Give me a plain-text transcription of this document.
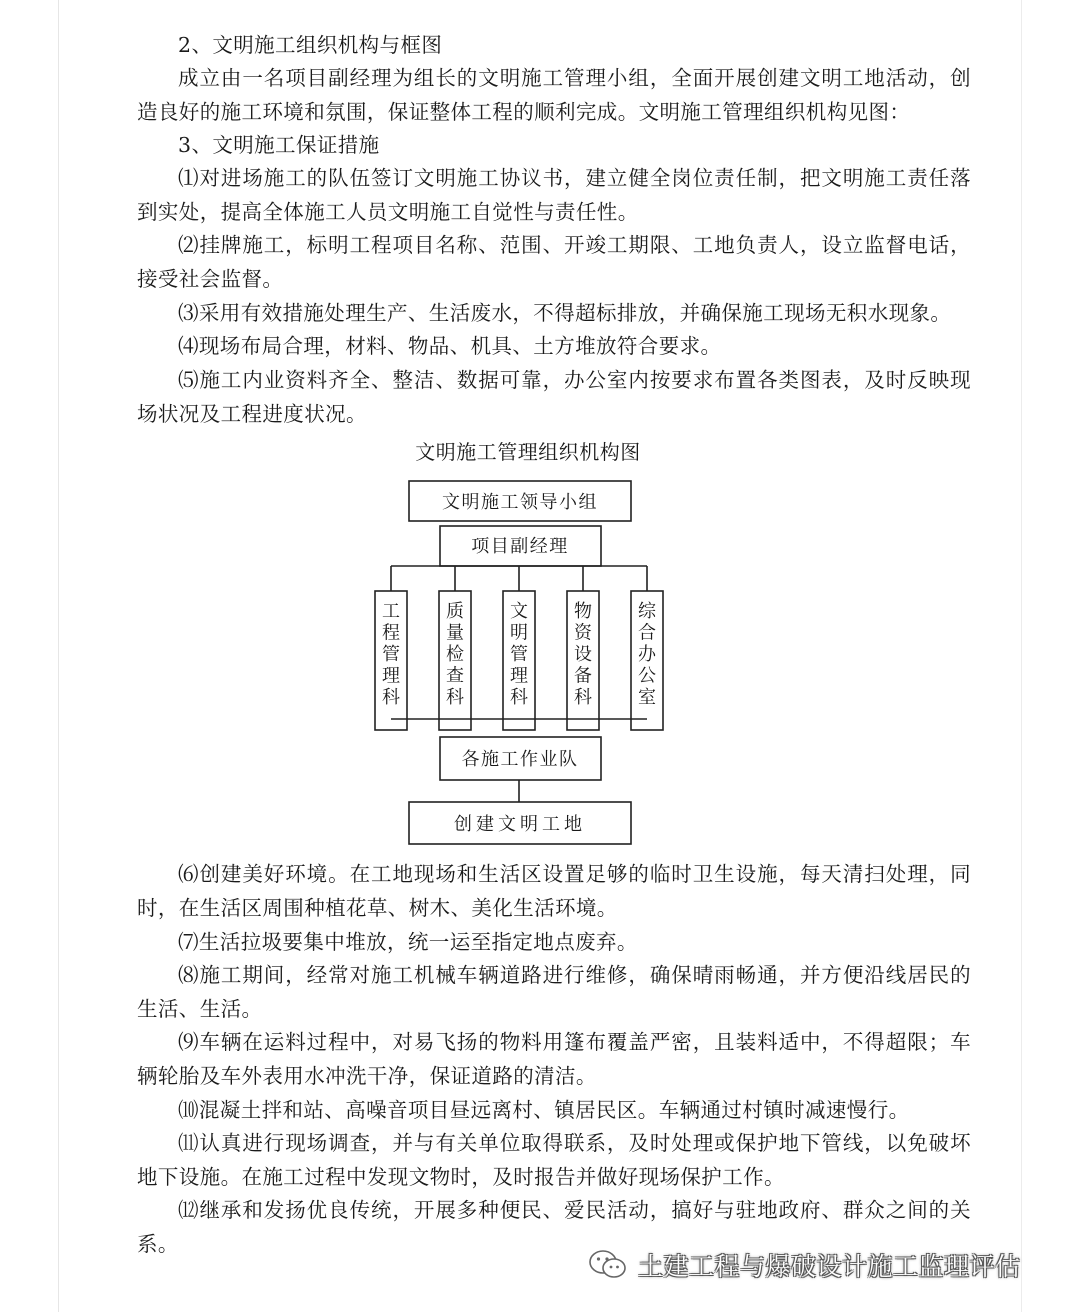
2、文明施工组织机构与框图

成立由一名项目副经理为组长的文明施工管理小组，全面开展创建文明工地活动，创造良好的施工环境和氛围，保证整体工程的顺利完成。文明施工管理组织机构见图：

3、文明施工保证措施

⑴对进场施工的队伍签订文明施工协议书，建立健全岗位责任制，把文明施工责任落到实处，提高全体施工人员文明施工自觉性与责任性。

⑵挂牌施工，标明工程项目名称、范围、开竣工期限、工地负责人，设立监督电话，接受社会监督。

⑶采用有效措施处理生产、生活废水，不得超标排放，并确保施工现场无积水现象。

⑷现场布局合理，材料、物品、机具、土方堆放符合要求。

⑸施工内业资料齐全、整洁、数据可靠，办公室内按要求布置各类图表，及时反映现场状况及工程进度状况。

文明施工管理组织机构图
文明施工领导小组
项目副经理
各施工作业队
创建文明工地
工程管理科
质量检查科
文明管理科
物资设备科
综合办公室

⑹创建美好环境。在工地现场和生活区设置足够的临时卫生设施，每天清扫处理，同时，在生活区周围种植花草、树木、美化生活环境。

⑺生活拉圾要集中堆放，统一运至指定地点废弃。

⑻施工期间，经常对施工机械车辆道路进行维修，确保晴雨畅通，并方便沿线居民的生活、生活。

⑼车辆在运料过程中，对易飞扬的物料用篷布覆盖严密，且装料适中，不得超限；车辆轮胎及车外表用水冲洗干净，保证道路的清洁。

⑽混凝土拌和站、高噪音项目昼远离村、镇居民区。车辆通过村镇时减速慢行。

⑾认真进行现场调查，并与有关单位取得联系，及时处理或保护地下管线，以免破坏地下设施。在施工过程中发现文物时，及时报告并做好现场保护工作。

⑿继承和发扬优良传统，开展多种便民、爱民活动，搞好与驻地政府、群众之间的关系。

土建工程与爆破设计施工监理评估
